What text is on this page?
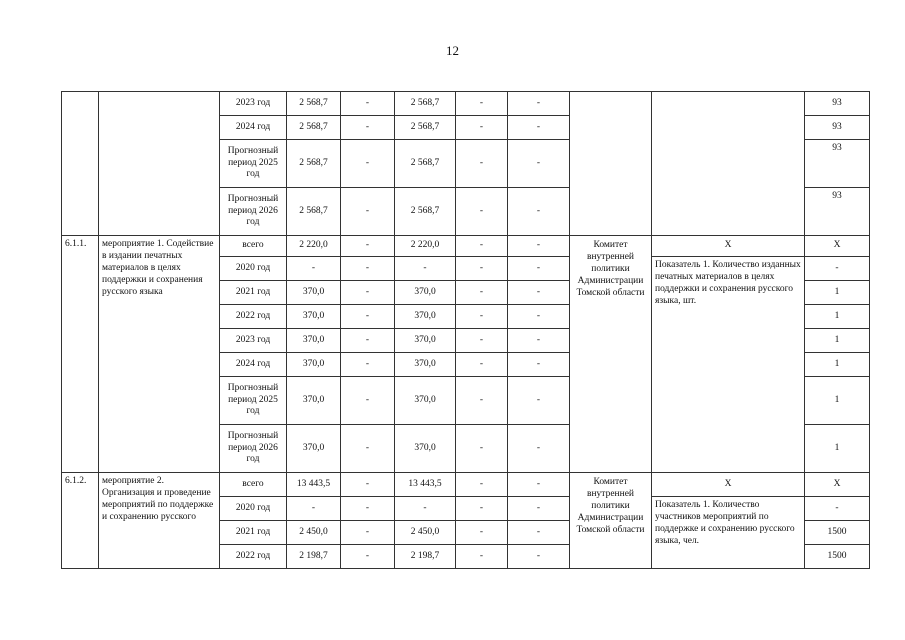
12
		2023 год	2 568,7	-	2 568,7	-	-			93
		2024 год	2 568,7	-	2 568,7	-	-			93
		Прогнозный период 2025 год	2 568,7	-	2 568,7	-	-			93
		Прогнозный период 2026 год	2 568,7	-	2 568,7	-	-			93
6.1.1.	мероприятие 1. Содействие в издании печатных материалов в целях поддержки и сохранения русского языка	всего	2 220,0	-	2 220,0	-	-	Комитет внутренней политики Администрации Томской области	Х	Х
		2020 год	-	-	-	-	-		Показатель 1. Количество изданных печатных материалов в целях поддержки и сохранения русского языка, шт.	-
		2021 год	370,0	-	370,0	-	-			1
		2022 год	370,0	-	370,0	-	-			1
		2023 год	370,0	-	370,0	-	-			1
		2024 год	370,0	-	370,0	-	-			1
		Прогнозный период 2025 год	370,0	-	370,0	-	-			1
		Прогнозный период 2026 год	370,0	-	370,0	-	-			1
6.1.2.	мероприятие 2. Организация и проведение мероприятий по поддержке и сохранению русского	всего	13 443,5	-	13 443,5	-	-	Комитет внутренней политики Администрации Томской области	Х	Х
		2020 год	-	-	-	-	-		Показатель 1. Количество участников мероприятий по поддержке и сохранению русского языка, чел.	-
		2021 год	2 450,0	-	2 450,0	-	-			1500
		2022 год	2 198,7	-	2 198,7	-	-			1500
